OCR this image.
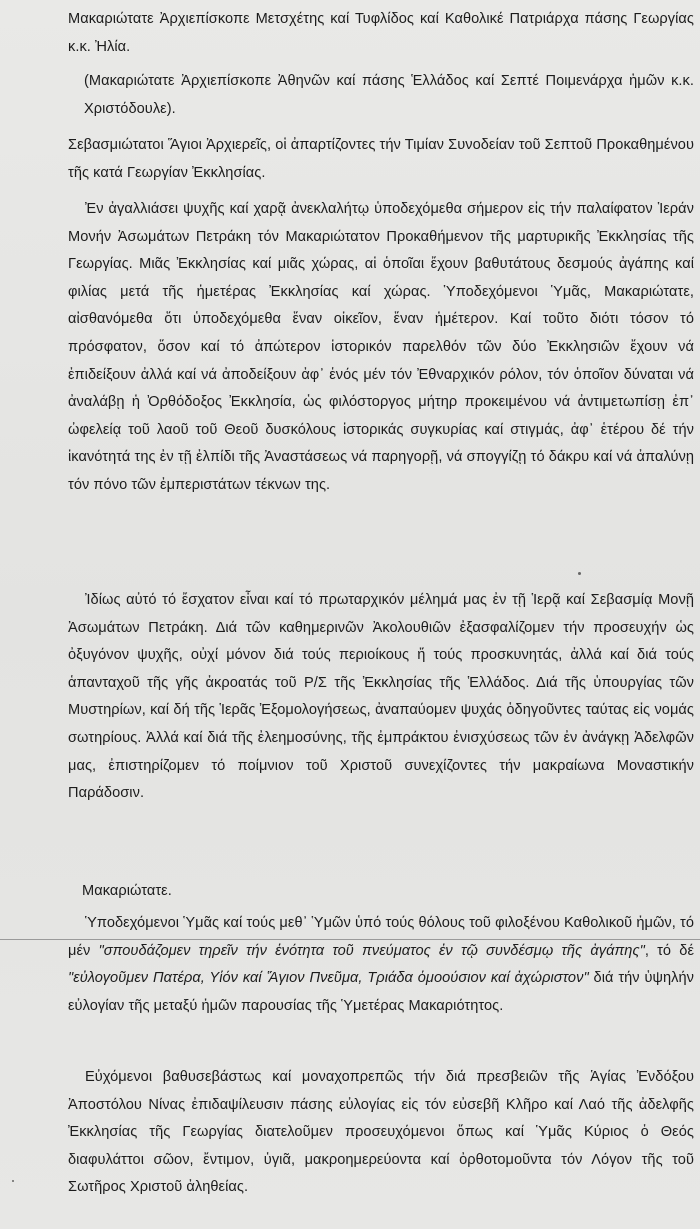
Μακαριώτατε Ἀρχιεπίσκοπε Μετσχέτης καί Τυφλίδος καί Καθολικέ Πατριάρχα πάσης Γεωργίας κ.κ. Ἠλία.

(Μακαριώτατε Ἀρχιεπίσκοπε Ἀθηνῶν καί πάσης Ἑλλάδος καί Σεπτέ Ποιμενάρχα ἡμῶν κ.κ. Χριστόδουλε).

Σεβασμιώτατοι Ἅγιοι Ἀρχιερεῖς, οἱ ἀπαρτίζοντες τήν Τιμίαν Συνοδείαν τοῦ Σεπτοῦ Προκαθημένου τῆς κατά Γεωργίαν Ἐκκλησίας.

Ἐν ἀγαλλιάσει ψυχῆς καί χαρᾷ ἀνεκλαλήτῳ ὑποδεχόμεθα σήμερον εἰς τήν παλαίφατον Ἱεράν Μονήν Ἀσωμάτων Πετράκη τόν Μακαριώτατον Προκαθήμενον τῆς μαρτυρικῆς Ἐκκλησίας τῆς Γεωργίας. Μιᾶς Ἐκκλησίας καί μιᾶς χώρας, αἱ ὁποῖαι ἔχουν βαθυτάτους δεσμούς ἀγάπης καί φιλίας μετά τῆς ἡμετέρας Ἐκκλησίας καί χώρας. Ὑποδεχόμενοι Ὑμᾶς, Μακαριώτατε, αἰσθανόμεθα ὅτι ὑποδεχόμεθα ἕναν οἰκεῖον, ἕναν ἡμέτερον. Καί τοῦτο διότι τόσον τό πρόσφατον, ὅσον καί τό ἀπώτερον ἱστορικόν παρελθόν τῶν δύο Ἐκκλησιῶν ἔχουν νά ἐπιδείξουν ἀλλά καί νά ἀποδείξουν ἀφ᾽ ἑνός μέν τόν Ἐθναρχικόν ρόλον, τόν ὁποῖον δύναται νά ἀναλάβῃ ἡ Ὀρθόδοξος Ἐκκλησία, ὡς φιλόστοργος μήτηρ προκειμένου νά ἀντιμετωπίσῃ ἐπ᾽ ὠφελείᾳ τοῦ λαοῦ τοῦ Θεοῦ δυσκόλους ἱστορικάς συγκυρίας καί στιγμάς, ἀφ᾽ ἑτέρου δέ τήν ἱκανότητά της ἐν τῇ ἐλπίδι τῆς Ἀναστάσεως νά παρηγορῇ, νά σπογγίζῃ τό δάκρυ καί νά ἀπαλύνῃ τόν πόνο τῶν ἐμπεριστάτων τέκνων της.

Ἰδίως αὐτό τό ἔσχατον εἶναι καί τό πρωταρχικόν μέλημά μας ἐν τῇ Ἱερᾷ καί Σεβασμίᾳ Μονῇ Ἀσωμάτων Πετράκη. Διά τῶν καθημερινῶν Ἀκολουθιῶν ἐξασφαλίζομεν τήν προσευχήν ὡς ὀξυγόνον ψυχῆς, οὐχί μόνον διά τούς περιοίκους ἤ τούς προσκυνητάς, ἀλλά καί διά τούς ἁπανταχοῦ τῆς γῆς ἀκροατάς τοῦ Ρ/Σ τῆς Ἐκκλησίας τῆς Ἑλλάδος. Διά τῆς ὑπουργίας τῶν Μυστηρίων, καί δή τῆς Ἱερᾶς Ἐξομολογήσεως, ἀναπαύομεν ψυχάς ὁδηγοῦντες ταύτας εἰς νομάς σωτηρίους. Ἀλλά καί διά τῆς ἐλεημοσύνης, τῆς ἐμπράκτου ἐνισχύσεως τῶν ἐν ἀνάγκῃ Ἀδελφῶν μας, ἐπιστηρίζομεν τό ποίμνιον τοῦ Χριστοῦ συνεχίζοντες τήν μακραίωνα Μοναστικήν Παράδοσιν.

Μακαριώτατε.

Ὑποδεχόμενοι Ὑμᾶς καί τούς μεθ᾽ Ὑμῶν ὑπό τούς θόλους τοῦ φιλοξένου Καθολικοῦ ἡμῶν, τό μέν "σπουδάζομεν τηρεῖν τήν ἑνότητα τοῦ πνεύματος ἐν τῷ συνδέσμῳ τῆς ἀγάπης", τό δέ "εὐλογοῦμεν Πατέρα, Υἱόν καί Ἅγιον Πνεῦμα, Τριάδα ὁμοούσιον καί ἀχώριστον" διά τήν ὑψηλήν εὐλογίαν τῆς μεταξύ ἡμῶν παρουσίας τῆς Ὑμετέρας Μακαριότητος.

Εὐχόμενοι βαθυσεβάστως καί μοναχοπρεπῶς τήν διά πρεσβειῶν τῆς Ἁγίας Ἐνδόξου Ἀποστόλου Νίνας ἐπιδαψίλευσιν πάσης εὐλογίας εἰς τόν εὐσεβῆ Κλῆρο καί Λαό τῆς ἀδελφῆς Ἐκκλησίας τῆς Γεωργίας διατελοῦμεν προσευχόμενοι ὅπως καί Ὑμᾶς Κύριος ὁ Θεός διαφυλάττοι σῶον, ἔντιμον, ὑγιᾶ, μακροημερεύοντα καί ὀρθοτομοῦντα τόν Λόγον τῆς τοῦ Σωτῆρος Χριστοῦ ἀληθείας.
